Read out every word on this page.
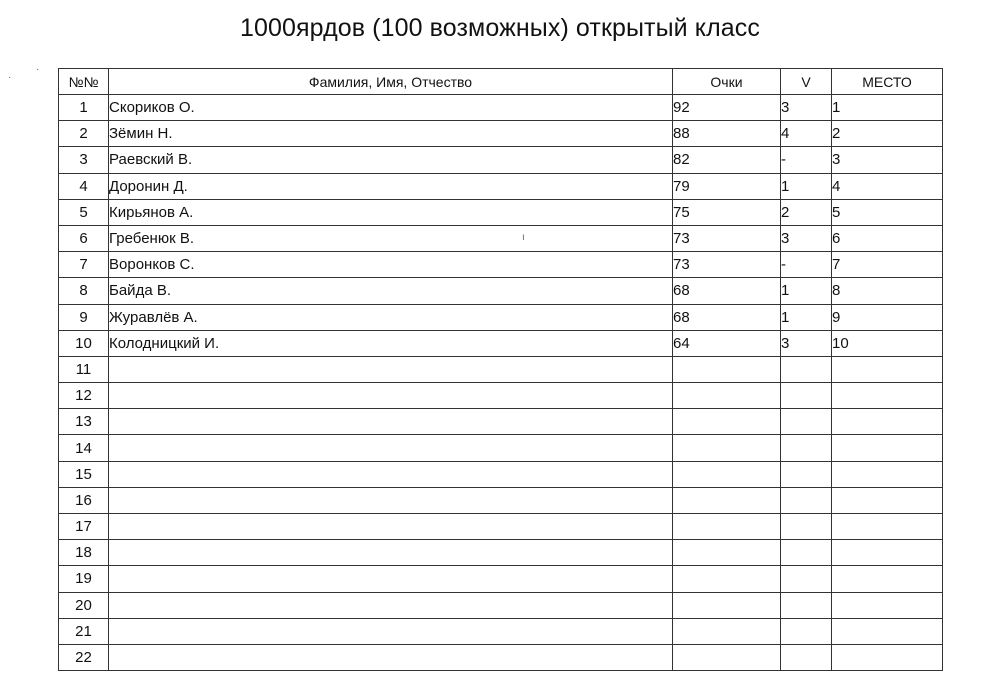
1000ярдов (100 возможных) открытый класс
·
·
ı
№№	Фамилия, Имя, Отчество	Очки	V	МЕСТО
1	Скориков О.	92	3	1
2	Зёмин Н.	88	4	2
3	Раевский В.	82	-	3
4	Доронин Д.	79	1	4
5	Кирьянов А.	75	2	5
6	Гребенюк В.	73	3	6
7	Воронков С.	73	-	7
8	Байда В.	68	1	8
9	Журавлёв А.	68	1	9
10	Колодницкий И.	64	3	10
11				
12				
13				
14				
15				
16				
17				
18				
19				
20				
21				
22				
